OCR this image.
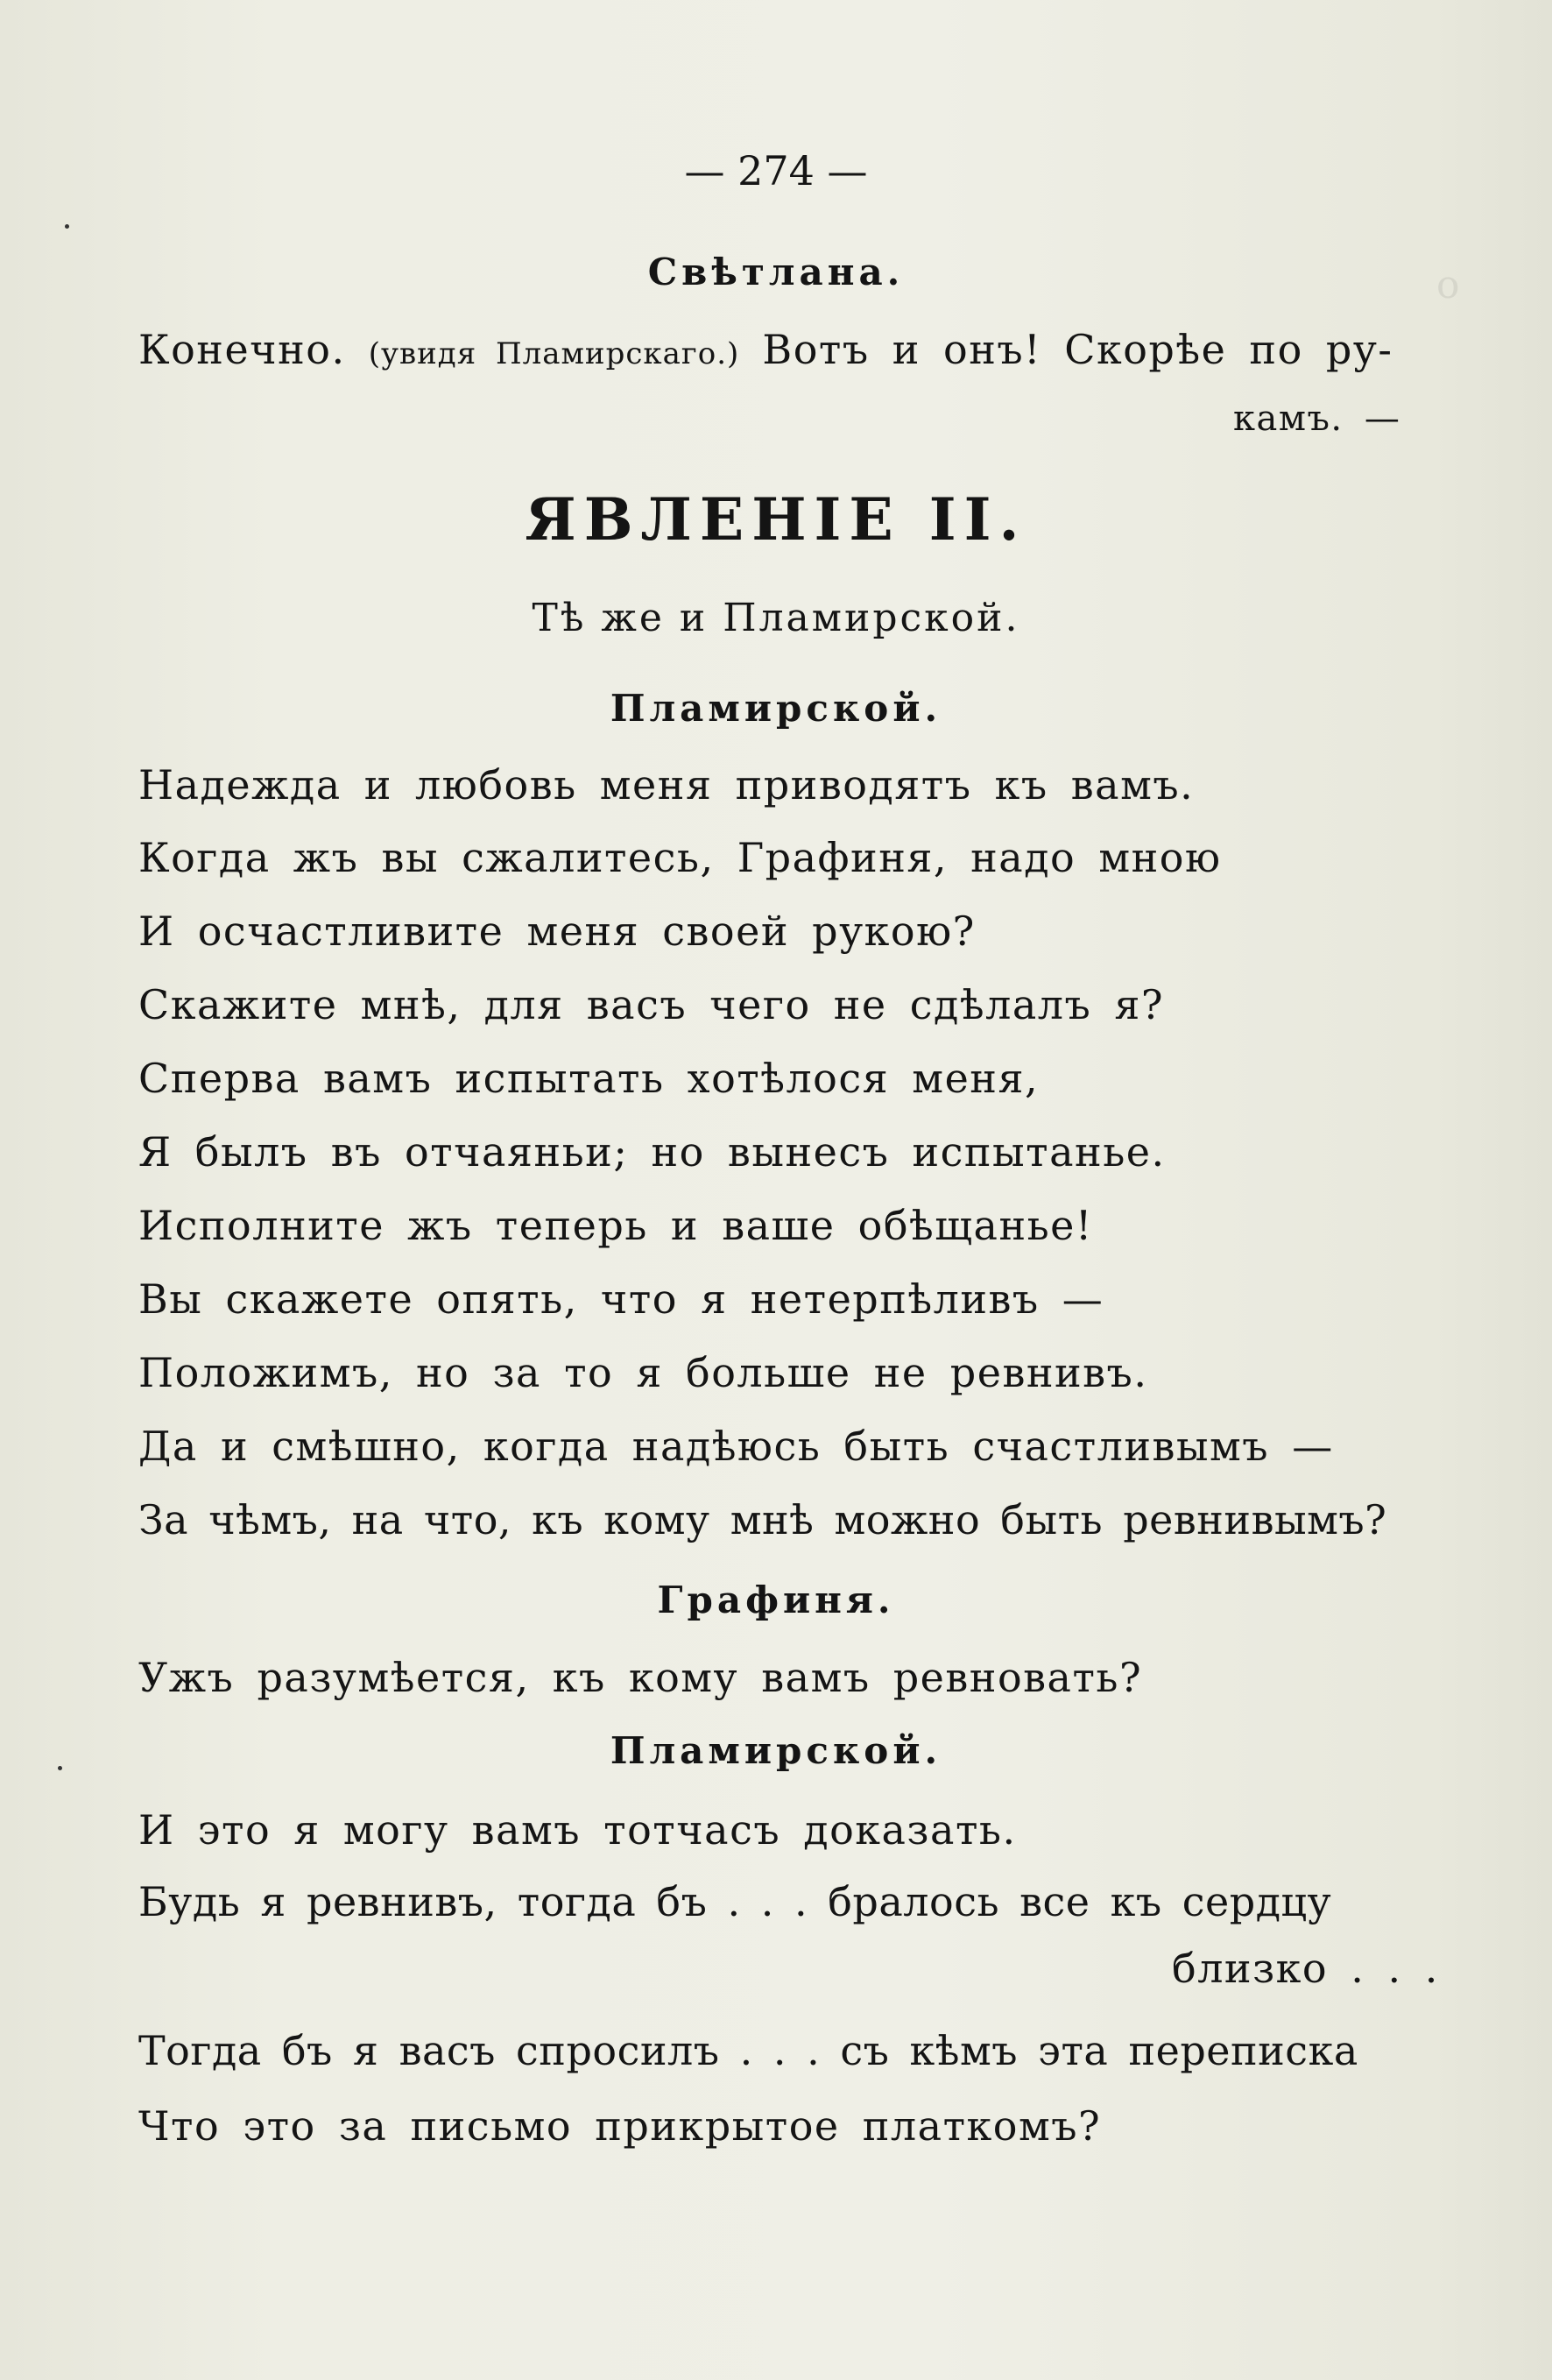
o
— 274 —
Свѣтлана.
Конечно. (увидя Пламирскаго.) Вотъ и онъ! Скорѣе по ру-
камъ. —
ЯВЛЕНІЕ II.
Тѣ же и Пламирской.
Пламирской.
Надежда и любовь меня приводятъ къ вамъ.
Когда жъ вы сжалитесь, Графиня, надо мною
И осчастливите меня своей рукою?
Скажите мнѣ, для васъ чего не сдѣлалъ я?
Сперва вамъ испытать хотѣлося меня,
Я былъ въ отчаяньи; но вынесъ испытанье.
Исполните жъ теперь и ваше обѣщанье!
Вы скажете опять, что я нетерпѣливъ —
Положимъ, но за то я больше не ревнивъ.
Да и смѣшно, когда надѣюсь быть счастливымъ —
За чѣмъ, на что, къ кому мнѣ можно быть ревнивымъ?
Графиня.
Ужъ разумѣется, къ кому вамъ ревновать?
Пламирской.
И это я могу вамъ тотчасъ доказать.
Будь я ревнивъ, тогда бъ . . . бралось все къ сердцу
близко . . .
Тогда бъ я васъ спросилъ . . . съ кѣмъ эта переписка
Что это за письмо прикрытое платкомъ?
